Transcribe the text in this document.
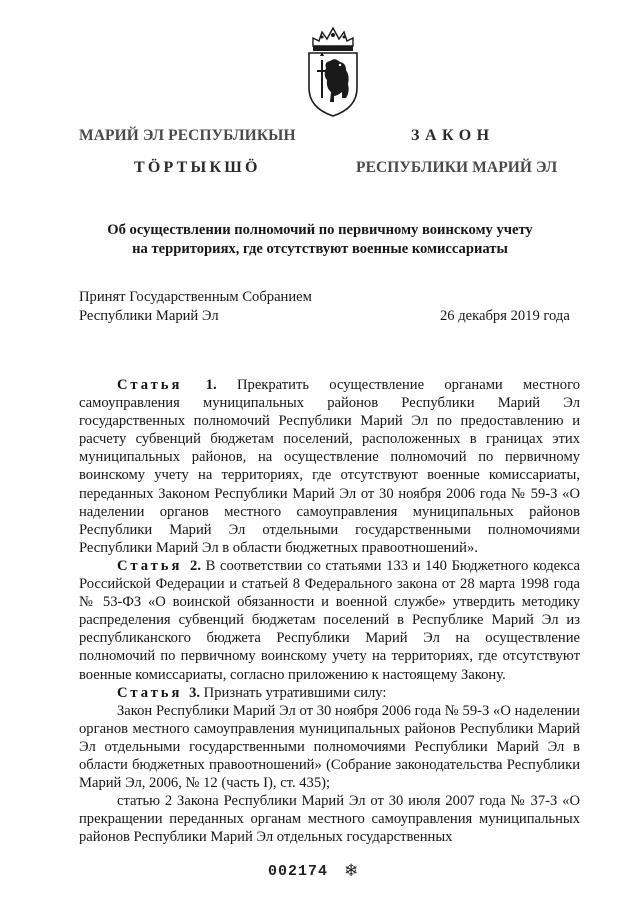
МАРИЙ ЭЛ РЕСПУБЛИКЫН
ТӦРТЫКШӦ
ЗАКОН
РЕСПУБЛИКИ МАРИЙ ЭЛ
Об осуществлении полномочий по первичному воинскому учету
на территориях, где отсутствуют военные комиссариаты
Принят Государственным Собранием
Республики Марий Эл	26 декабря 2019 года

Статья 1. Прекратить осуществление органами местного самоуправления муниципальных районов Республики Марий Эл государственных полномочий Республики Марий Эл по предоставлению и расчету субвенций бюджетам поселений, расположенных в границах этих муниципальных районов, на осуществление полномочий по первичному воинскому учету на территориях, где отсутствуют военные комиссариаты, переданных Законом Республики Марий Эл от 30 ноября 2006 года № 59-З «О наделении органов местного самоуправления муниципальных районов Республики Марий Эл отдельными государственными полномочиями Республики Марий Эл в области бюджетных правоотношений».

Статья 2. В соответствии со статьями 133 и 140 Бюджетного кодекса Российской Федерации и статьей 8 Федерального закона от 28 марта 1998 года № 53-ФЗ «О воинской обязанности и военной службе» утвердить методику распределения субвенций бюджетам поселений в Республике Марий Эл из республиканского бюджета Республики Марий Эл на осуществление полномочий по первичному воинскому учету на территориях, где отсутствуют военные комиссариаты, согласно приложению к настоящему Закону.

Статья 3. Признать утратившими силу:

Закон Республики Марий Эл от 30 ноября 2006 года № 59-З «О наделении органов местного самоуправления муниципальных районов Республики Марий Эл отдельными государственными полномочиями Республики Марий Эл в области бюджетных правоотношений» (Собрание законодательства Республики Марий Эл, 2006, № 12 (часть I), ст. 435);

статью 2 Закона Республики Марий Эл от 30 июля 2007 года № 37-З «О прекращении переданных органам местного самоуправления муниципальных районов Республики Марий Эл отдельных государственных

002174 ❄
